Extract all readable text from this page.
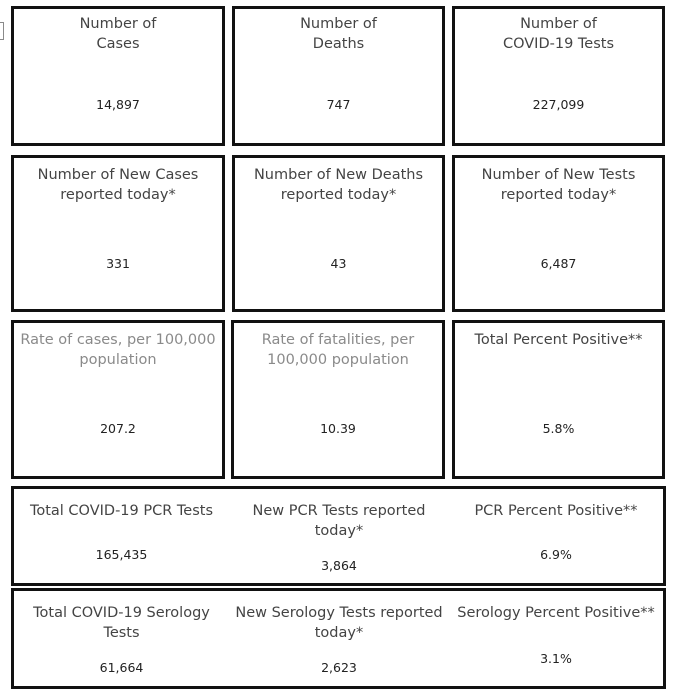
Number of
Cases
14,897
Number of
Deaths
747
Number of
COVID-19 Tests
227,099
Number of New Cases
reported today*
331
Number of New Deaths
reported today*
43
Number of New Tests
reported today*
6,487
Rate of cases, per 100,000
population
207.2
Rate of fatalities, per
100,000 population
10.39
Total Percent Positive**
5.8%
Total COVID-19 PCR Tests
165,435
New PCR Tests reported
today*
3,864
PCR Percent Positive**
6.9%
Total COVID-19 Serology
Tests
61,664
New Serology Tests reported
today*
2,623
Serology Percent Positive**
3.1%
